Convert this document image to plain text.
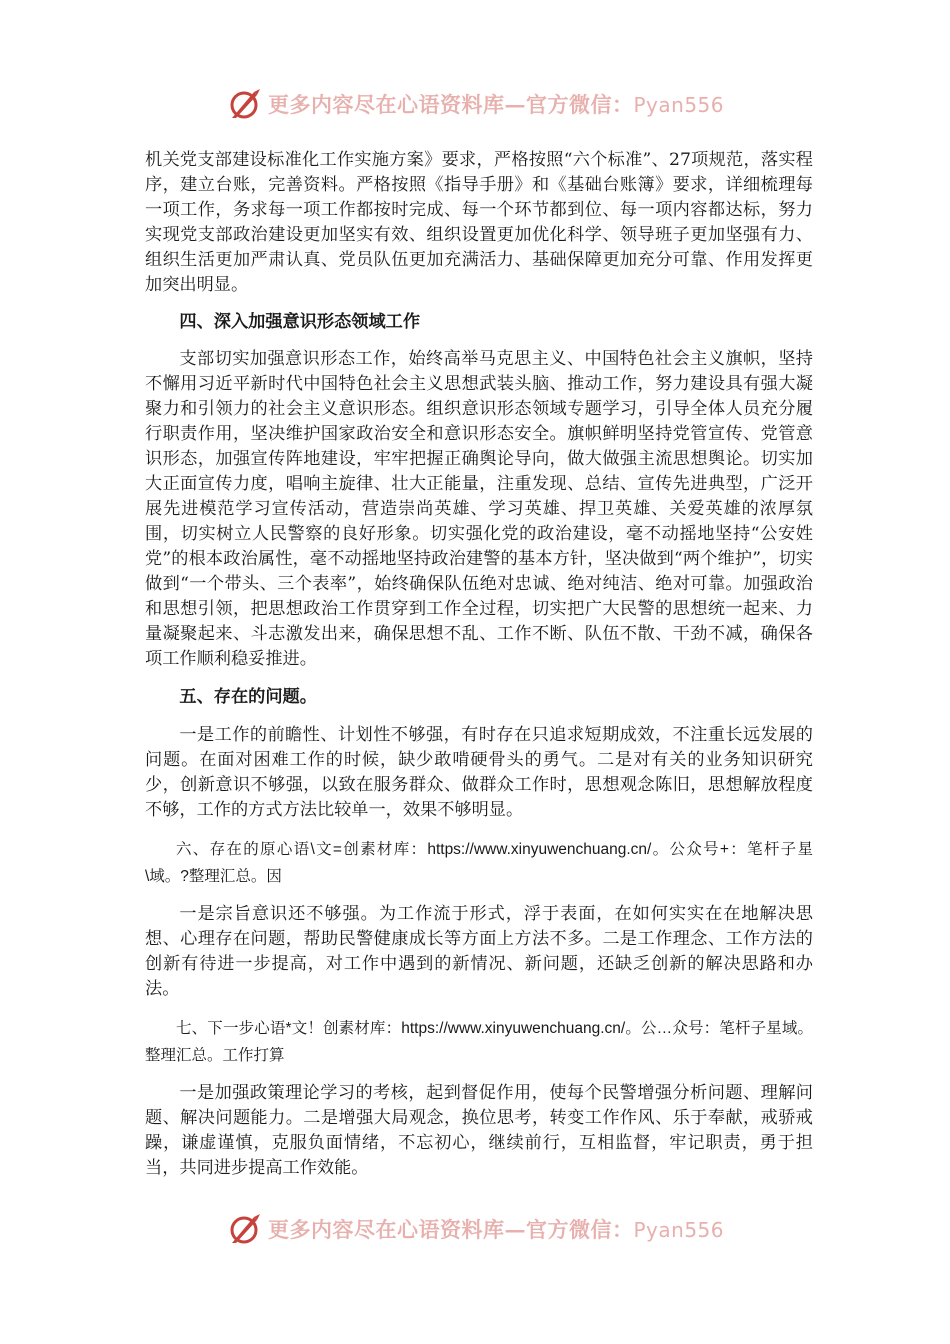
更多内容尽在心语资料库—官方微信：Pyan556

机关党支部建设标准化工作实施方案》要求，严格按照“六个标准”、27项规范，落实程序，建立台账，完善资料。严格按照《指导手册》和《基础台账簿》要求，详细梳理每一项工作，务求每一项工作都按时完成、每一个环节都到位、每一项内容都达标，努力实现党支部政治建设更加坚实有效、组织设置更加优化科学、领导班子更加坚强有力、组织生活更加严肃认真、党员队伍更加充满活力、基础保障更加充分可靠、作用发挥更加突出明显。

四、深入加强意识形态领域工作

支部切实加强意识形态工作，始终高举马克思主义、中国特色社会主义旗帜，坚持不懈用习近平新时代中国特色社会主义思想武装头脑、推动工作，努力建设具有强大凝聚力和引领力的社会主义意识形态。组织意识形态领域专题学习，引导全体人员充分履行职责作用，坚决维护国家政治安全和意识形态安全。旗帜鲜明坚持党管宣传、党管意识形态，加强宣传阵地建设，牢牢把握正确舆论导向，做大做强主流思想舆论。切实加大正面宣传力度，唱响主旋律、壮大正能量，注重发现、总结、宣传先进典型，广泛开展先进模范学习宣传活动，营造崇尚英雄、学习英雄、捍卫英雄、关爱英雄的浓厚氛围，切实树立人民警察的良好形象。切实强化党的政治建设，毫不动摇地坚持“公安姓党”的根本政治属性，毫不动摇地坚持政治建警的基本方针，坚决做到“两个维护”，切实做到“一个带头、三个表率”，始终确保队伍绝对忠诚、绝对纯洁、绝对可靠。加强政治和思想引领，把思想政治工作贯穿到工作全过程，切实把广大民警的思想统一起来、力量凝聚起来、斗志激发出来，确保思想不乱、工作不断、队伍不散、干劲不减，确保各项工作顺利稳妥推进。

五、存在的问题。

一是工作的前瞻性、计划性不够强，有时存在只追求短期成效，不注重长远发展的问题。在面对困难工作的时候，缺少敢啃硬骨头的勇气。二是对有关的业务知识研究少，创新意识不够强，以致在服务群众、做群众工作时，思想观念陈旧，思想解放程度不够，工作的方式方法比较单一，效果不够明显。

六、存在的原心语\文=创素材库：https://www.xinyuwenchuang.cn/。公众号+：笔杆子星\域。?整理汇总。因

一是宗旨意识还不够强。为工作流于形式，浮于表面，在如何实实在在地解决思想、心理存在问题，帮助民警健康成长等方面上方法不多。二是工作理念、工作方法的创新有待进一步提高，对工作中遇到的新情况、新问题，还缺乏创新的解决思路和办法。

七、下一步心语*文！创素材库：https://www.xinyuwenchuang.cn/。公…众号：笔杆子星域。整理汇总。工作打算

一是加强政策理论学习的考核，起到督促作用，使每个民警增强分析问题、理解问题、解决问题能力。二是增强大局观念，换位思考，转变工作作风、乐于奉献，戒骄戒躁，谦虚谨慎，克服负面情绪，不忘初心，继续前行，互相监督，牢记职责，勇于担当，共同进步提高工作效能。

更多内容尽在心语资料库—官方微信：Pyan556
